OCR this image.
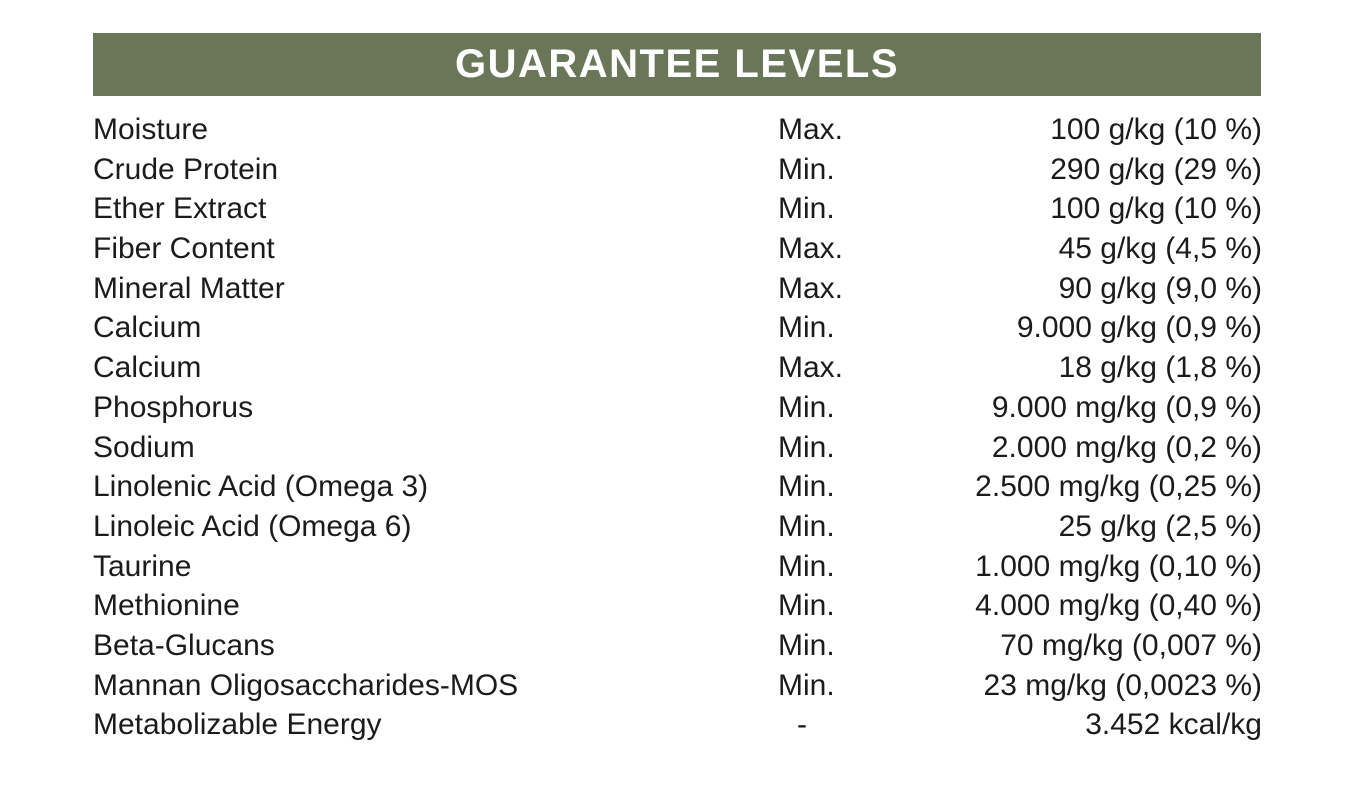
GUARANTEE LEVELS
Moisture	Max.	100 g/kg (10 %)
Crude Protein	Min.	290 g/kg (29 %)
Ether Extract	Min.	100 g/kg (10 %)
Fiber Content	Max.	45 g/kg (4,5 %)
Mineral Matter	Max.	90 g/kg (9,0 %)
Calcium	Min.	9.000 g/kg (0,9 %)
Calcium	Max.	18 g/kg (1,8 %)
Phosphorus	Min.	9.000 mg/kg (0,9 %)
Sodium	Min.	2.000 mg/kg (0,2 %)
Linolenic Acid (Omega 3)	Min.	2.500 mg/kg (0,25 %)
Linoleic Acid (Omega 6)	Min.	25 g/kg (2,5 %)
Taurine	Min.	1.000 mg/kg (0,10 %)
Methionine	Min.	4.000 mg/kg (0,40 %)
Beta-Glucans	Min.	70 mg/kg (0,007 %)
Mannan Oligosaccharides-MOS	Min.	23 mg/kg (0,0023 %)
Metabolizable Energy	-	3.452 kcal/kg
